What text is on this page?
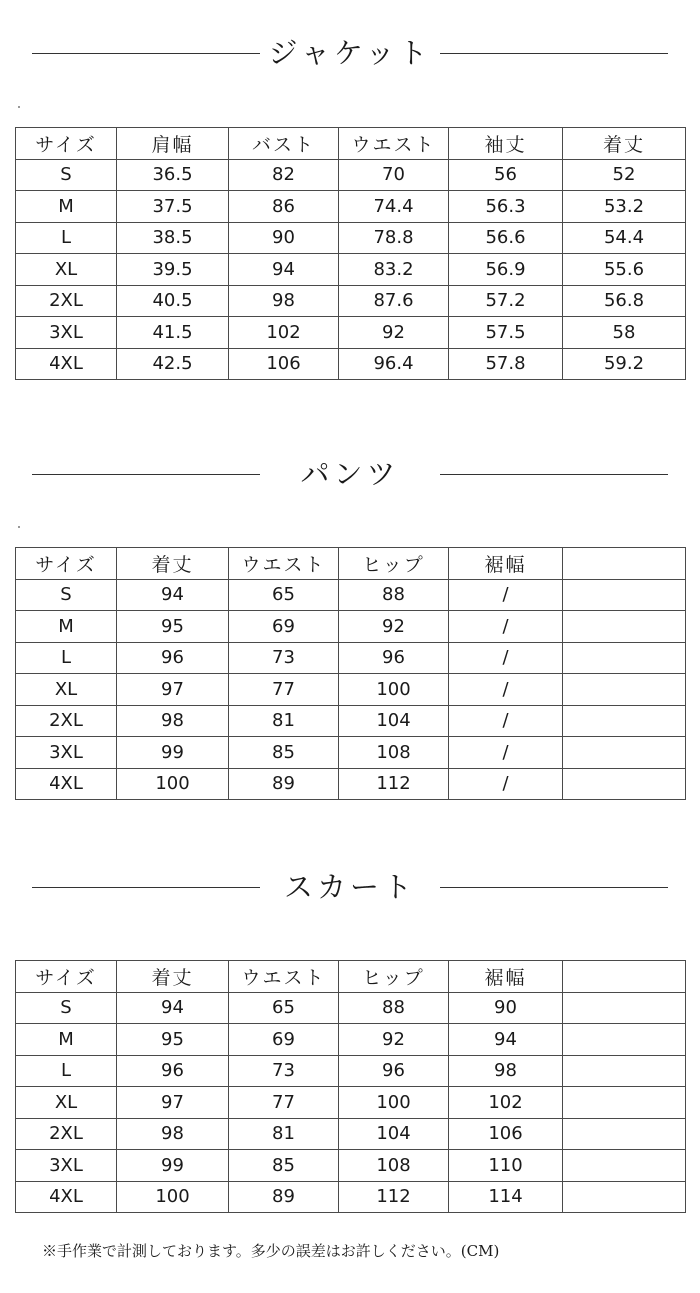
ジャケット
サイズ	肩幅	バスト	ウエスト	袖丈	着丈
S	36.5	82	70	56	52
M	37.5	86	74.4	56.3	53.2
L	38.5	90	78.8	56.6	54.4
XL	39.5	94	83.2	56.9	55.6
2XL	40.5	98	87.6	57.2	56.8
3XL	41.5	102	92	57.5	58
4XL	42.5	106	96.4	57.8	59.2
パンツ
サイズ	着丈	ウエスト	ヒップ	裾幅	
S	94	65	88	/	
M	95	69	92	/	
L	96	73	96	/	
XL	97	77	100	/	
2XL	98	81	104	/	
3XL	99	85	108	/	
4XL	100	89	112	/	
スカート
サイズ	着丈	ウエスト	ヒップ	裾幅	
S	94	65	88	90	
M	95	69	92	94	
L	96	73	96	98	
XL	97	77	100	102	
2XL	98	81	104	106	
3XL	99	85	108	110	
4XL	100	89	112	114	
※手作業で計測しております。多少の誤差はお許しください。(CM)
